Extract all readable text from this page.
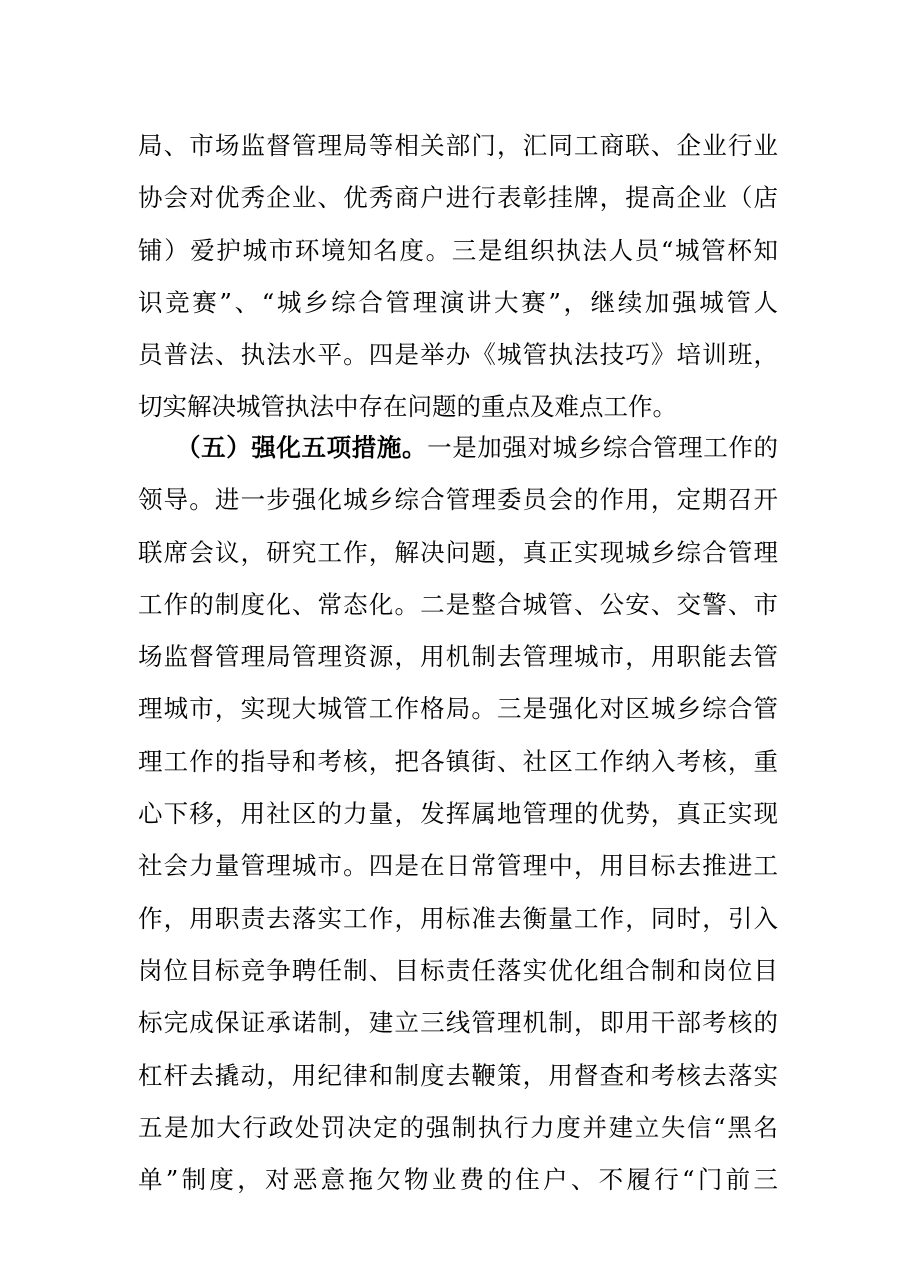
局、市场监督管理局等相关部门，汇同工商联、企业行业
协会对优秀企业、优秀商户进行表彰挂牌，提高企业（店
铺）爱护城市环境知名度。三是组织执法人员“城管杯知
识竞赛”、“城乡综合管理演讲大赛”，继续加强城管人
员普法、执法水平。四是举办《城管执法技巧》培训班，
切实解决城管执法中存在问题的重点及难点工作。
（五）强化五项措施。一是加强对城乡综合管理工作的
领导。进一步强化城乡综合管理委员会的作用，定期召开
联席会议，研究工作，解决问题，真正实现城乡综合管理
工作的制度化、常态化。二是整合城管、公安、交警、市
场监督管理局管理资源，用机制去管理城市，用职能去管
理城市，实现大城管工作格局。三是强化对区城乡综合管
理工作的指导和考核，把各镇街、社区工作纳入考核，重
心下移，用社区的力量，发挥属地管理的优势，真正实现
社会力量管理城市。四是在日常管理中，用目标去推进工
作，用职责去落实工作，用标准去衡量工作，同时，引入
岗位目标竞争聘任制、目标责任落实优化组合制和岗位目
标完成保证承诺制，建立三线管理机制，即用干部考核的
杠杆去撬动，用纪律和制度去鞭策，用督查和考核去落实
五是加大行政处罚决定的强制执行力度并建立失信“黑名
单”制度，对恶意拖欠物业费的住户、不履行“门前三
